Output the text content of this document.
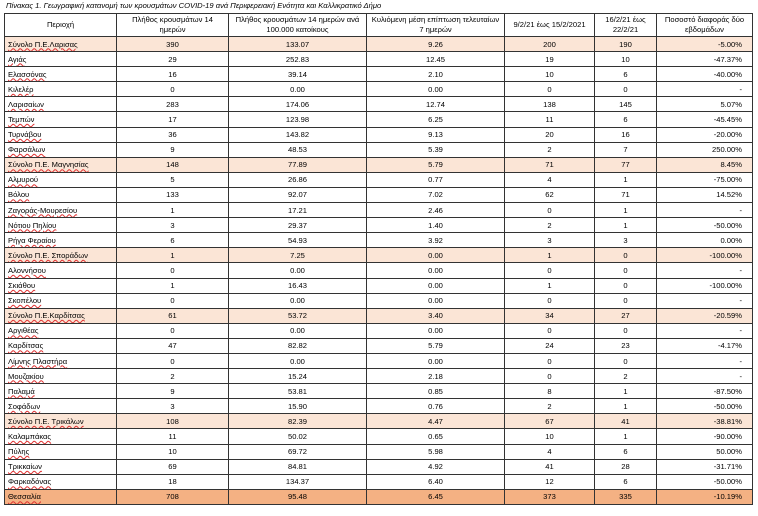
Πίνακας 1. Γεωγραφική κατανομή των κρουσμάτων COVID-19 ανά Περιφερειακή Ενότητα και Καλλικρατικό Δήμο
Περιοχή	Πλήθος κρουσμάτων 14 ημερών	Πλήθος κρουσμάτων 14 ημερών ανά 100.000 κατοίκους	Κυλιόμενη μέση επίπτωση τελευταίων 7 ημερών	9/2/21 έως 15/2/2021	16/2/21 έως 22/2/21	Ποσοστό διαφοράς δύο εβδομάδων
Σύνολο Π.Ε.Λαρισας	390	133.07	9.26	200	190	-5.00%
Αγιάς	29	252.83	12.45	19	10	-47.37%
Ελασσόνας	16	39.14	2.10	10	6	-40.00%
Κιλελέρ	0	0.00	0.00	0	0	-
Λαρισαίων	283	174.06	12.74	138	145	5.07%
Τεμπών	17	123.98	6.25	11	6	-45.45%
Τυρνάβου	36	143.82	9.13	20	16	-20.00%
Φαρσάλων	9	48.53	5.39	2	7	250.00%
Σύνολο Π.Ε. Μαγνησίας	148	77.89	5.79	71	77	8.45%
Αλμυρού	5	26.86	0.77	4	1	-75.00%
Βόλου	133	92.07	7.02	62	71	14.52%
Ζαγοράς-Μουρεσίου	1	17.21	2.46	0	1	-
Νότιου Πηλίου	3	29.37	1.40	2	1	-50.00%
Ρήγα Φεραίου	6	54.93	3.92	3	3	0.00%
Σύνολο Π.Ε. Σποράδων	1	7.25	0.00	1	0	-100.00%
Αλοννήσου	0	0.00	0.00	0	0	-
Σκιάθου	1	16.43	0.00	1	0	-100.00%
Σκοπέλου	0	0.00	0.00	0	0	-
Σύνολο Π.Ε.Καρδίτσας	61	53.72	3.40	34	27	-20.59%
Αργιθέας	0	0.00	0.00	0	0	-
Καρδίτσας	47	82.82	5.79	24	23	-4.17%
Λίμνης Πλαστήρα	0	0.00	0.00	0	0	-
Μουζακίου	2	15.24	2.18	0	2	-
Παλαμά	9	53.81	0.85	8	1	-87.50%
Σοφάδων	3	15.90	0.76	2	1	-50.00%
Σύνολο Π.Ε. Τρικάλων	108	82.39	4.47	67	41	-38.81%
Καλαμπάκας	11	50.02	0.65	10	1	-90.00%
Πύλης	10	69.72	5.98	4	6	50.00%
Τρικκαίων	69	84.81	4.92	41	28	-31.71%
Φαρκαδόνας	18	134.37	6.40	12	6	-50.00%
Θεσσαλία	708	95.48	6.45	373	335	-10.19%
